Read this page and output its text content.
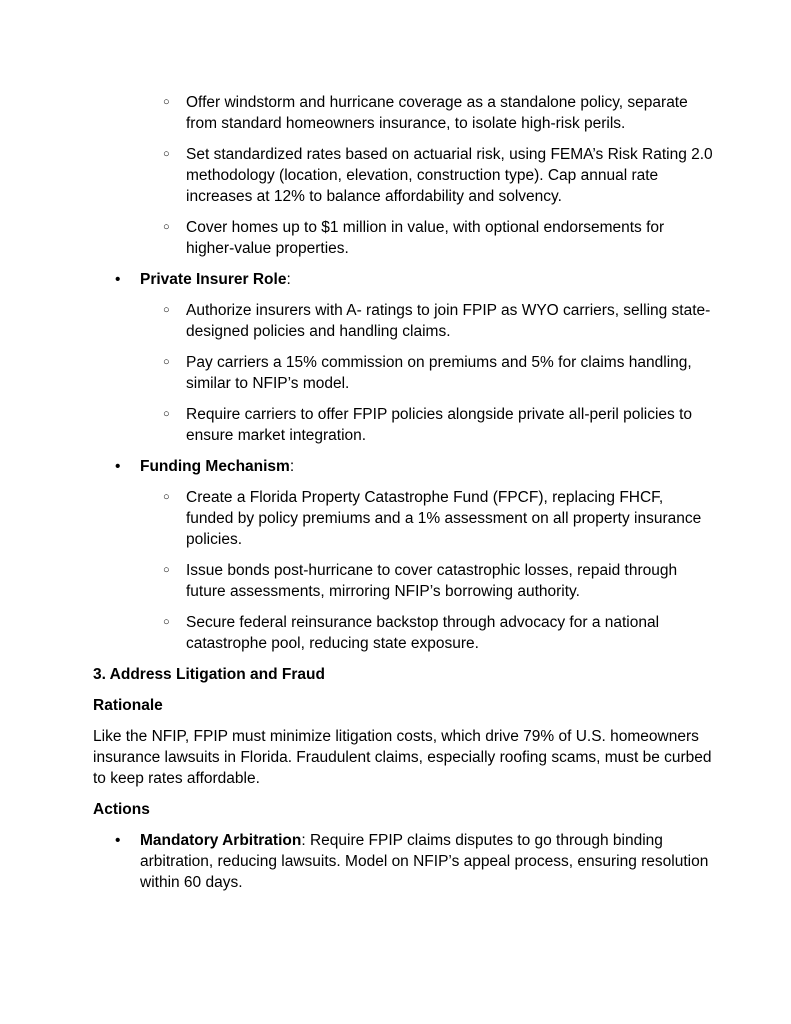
○ Offer windstorm and hurricane coverage as a standalone policy, separate from standard homeowners insurance, to isolate high-risk perils.
○ Set standardized rates based on actuarial risk, using FEMA’s Risk Rating 2.0 methodology (location, elevation, construction type). Cap annual rate increases at 12% to balance affordability and solvency.
○ Cover homes up to $1 million in value, with optional endorsements for higher-value properties.
• Private Insurer Role:
○ Authorize insurers with A- ratings to join FPIP as WYO carriers, selling state-designed policies and handling claims.
○ Pay carriers a 15% commission on premiums and 5% for claims handling, similar to NFIP’s model.
○ Require carriers to offer FPIP policies alongside private all-peril policies to ensure market integration.
• Funding Mechanism:
○ Create a Florida Property Catastrophe Fund (FPCF), replacing FHCF, funded by policy premiums and a 1% assessment on all property insurance policies.
○ Issue bonds post-hurricane to cover catastrophic losses, repaid through future assessments, mirroring NFIP’s borrowing authority.
○ Secure federal reinsurance backstop through advocacy for a national catastrophe pool, reducing state exposure.
3. Address Litigation and Fraud
Rationale

Like the NFIP, FPIP must minimize litigation costs, which drive 79% of U.S. homeowners insurance lawsuits in Florida. Fraudulent claims, especially roofing scams, must be curbed to keep rates affordable.

Actions
• Mandatory Arbitration: Require FPIP claims disputes to go through binding arbitration, reducing lawsuits. Model on NFIP’s appeal process, ensuring resolution within 60 days.
